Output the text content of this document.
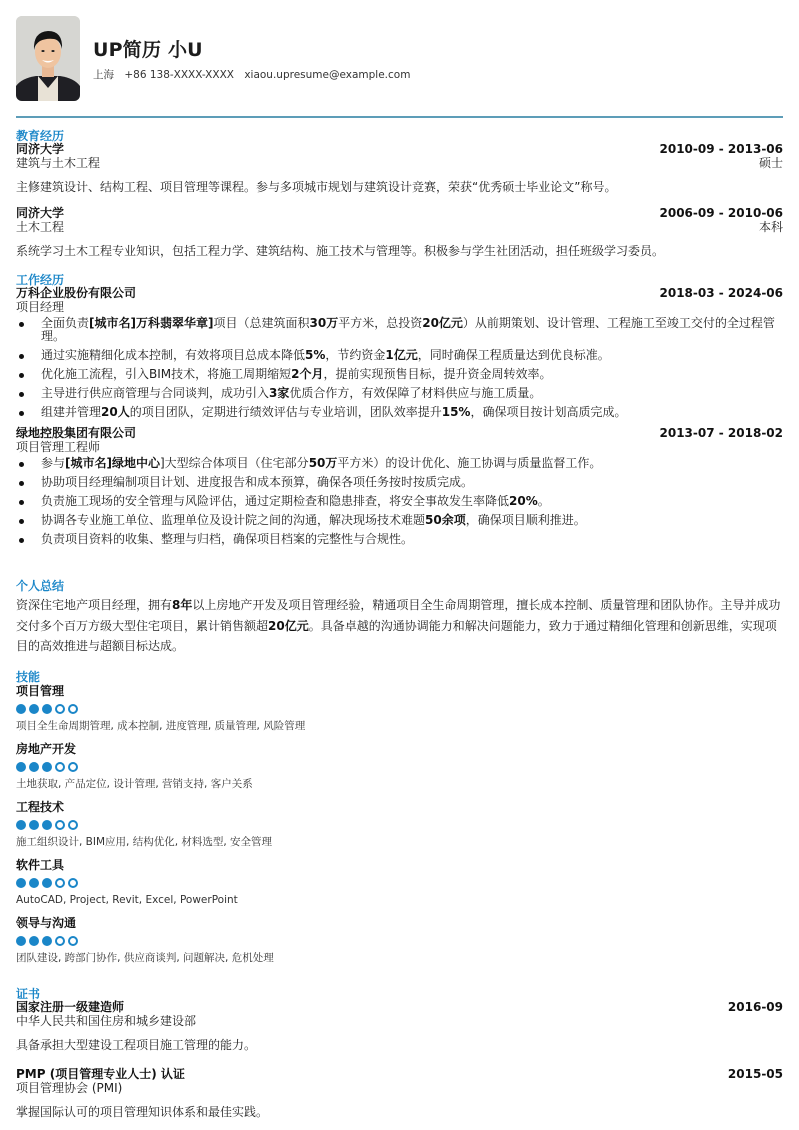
UP简历 小U
上海 +86 138-XXXX-XXXX xiaou.upresume@example.com
教育经历
同济大学	2010-09 - 2013-06
建筑与土木工程	硕士
主修建筑设计、结构工程、项目管理等课程。参与多项城市规划与建筑设计竞赛，荣获“优秀硕士毕业论文”称号。
同济大学	2006-09 - 2010-06
土木工程	本科
系统学习土木工程专业知识，包括工程力学、建筑结构、施工技术与管理等。积极参与学生社团活动，担任班级学习委员。
工作经历
万科企业股份有限公司	2018-03 - 2024-06
项目经理
全面负责[城市名]万科翡翠华章]项目（总建筑面积30万平方米，总投资20亿元）从前期策划、设计管理、工程施工至竣工交付的全过程管理。
通过实施精细化成本控制，有效将项目总成本降低5%，节约资金1亿元，同时确保工程质量达到优良标准。
优化施工流程，引入BIM技术，将施工周期缩短2个月，提前实现预售目标，提升资金周转效率。
主导进行供应商管理与合同谈判，成功引入3家优质合作方，有效保障了材料供应与施工质量。
组建并管理20人的项目团队，定期进行绩效评估与专业培训，团队效率提升15%，确保项目按计划高质完成。
绿地控股集团有限公司	2013-07 - 2018-02
项目管理工程师
参与[城市名]绿地中心]大型综合体项目（住宅部分50万平方米）的设计优化、施工协调与质量监督工作。
协助项目经理编制项目计划、进度报告和成本预算，确保各项任务按时按质完成。
负责施工现场的安全管理与风险评估，通过定期检查和隐患排查，将安全事故发生率降低20%。
协调各专业施工单位、监理单位及设计院之间的沟通，解决现场技术难题50余项，确保项目顺利推进。
负责项目资料的收集、整理与归档，确保项目档案的完整性与合规性。
个人总结
资深住宅地产项目经理，拥有8年以上房地产开发及项目管理经验，精通项目全生命周期管理，擅长成本控制、质量管理和团队协作。主导并成功交付多个百万方级大型住宅项目，累计销售额超20亿元。具备卓越的沟通协调能力和解决问题能力，致力于通过精细化管理和创新思维，实现项目的高效推进与超额目标达成。
技能
项目管理
项目全生命周期管理, 成本控制, 进度管理, 质量管理, 风险管理
房地产开发
土地获取, 产品定位, 设计管理, 营销支持, 客户关系
工程技术
施工组织设计, BIM应用, 结构优化, 材料选型, 安全管理
软件工具
AutoCAD, Project, Revit, Excel, PowerPoint
领导与沟通
团队建设, 跨部门协作, 供应商谈判, 问题解决, 危机处理
证书
国家注册一级建造师	2016-09
中华人民共和国住房和城乡建设部
具备承担大型建设工程项目施工管理的能力。
PMP (项目管理专业人士) 认证	2015-05
项目管理协会 (PMI)
掌握国际认可的项目管理知识体系和最佳实践。
